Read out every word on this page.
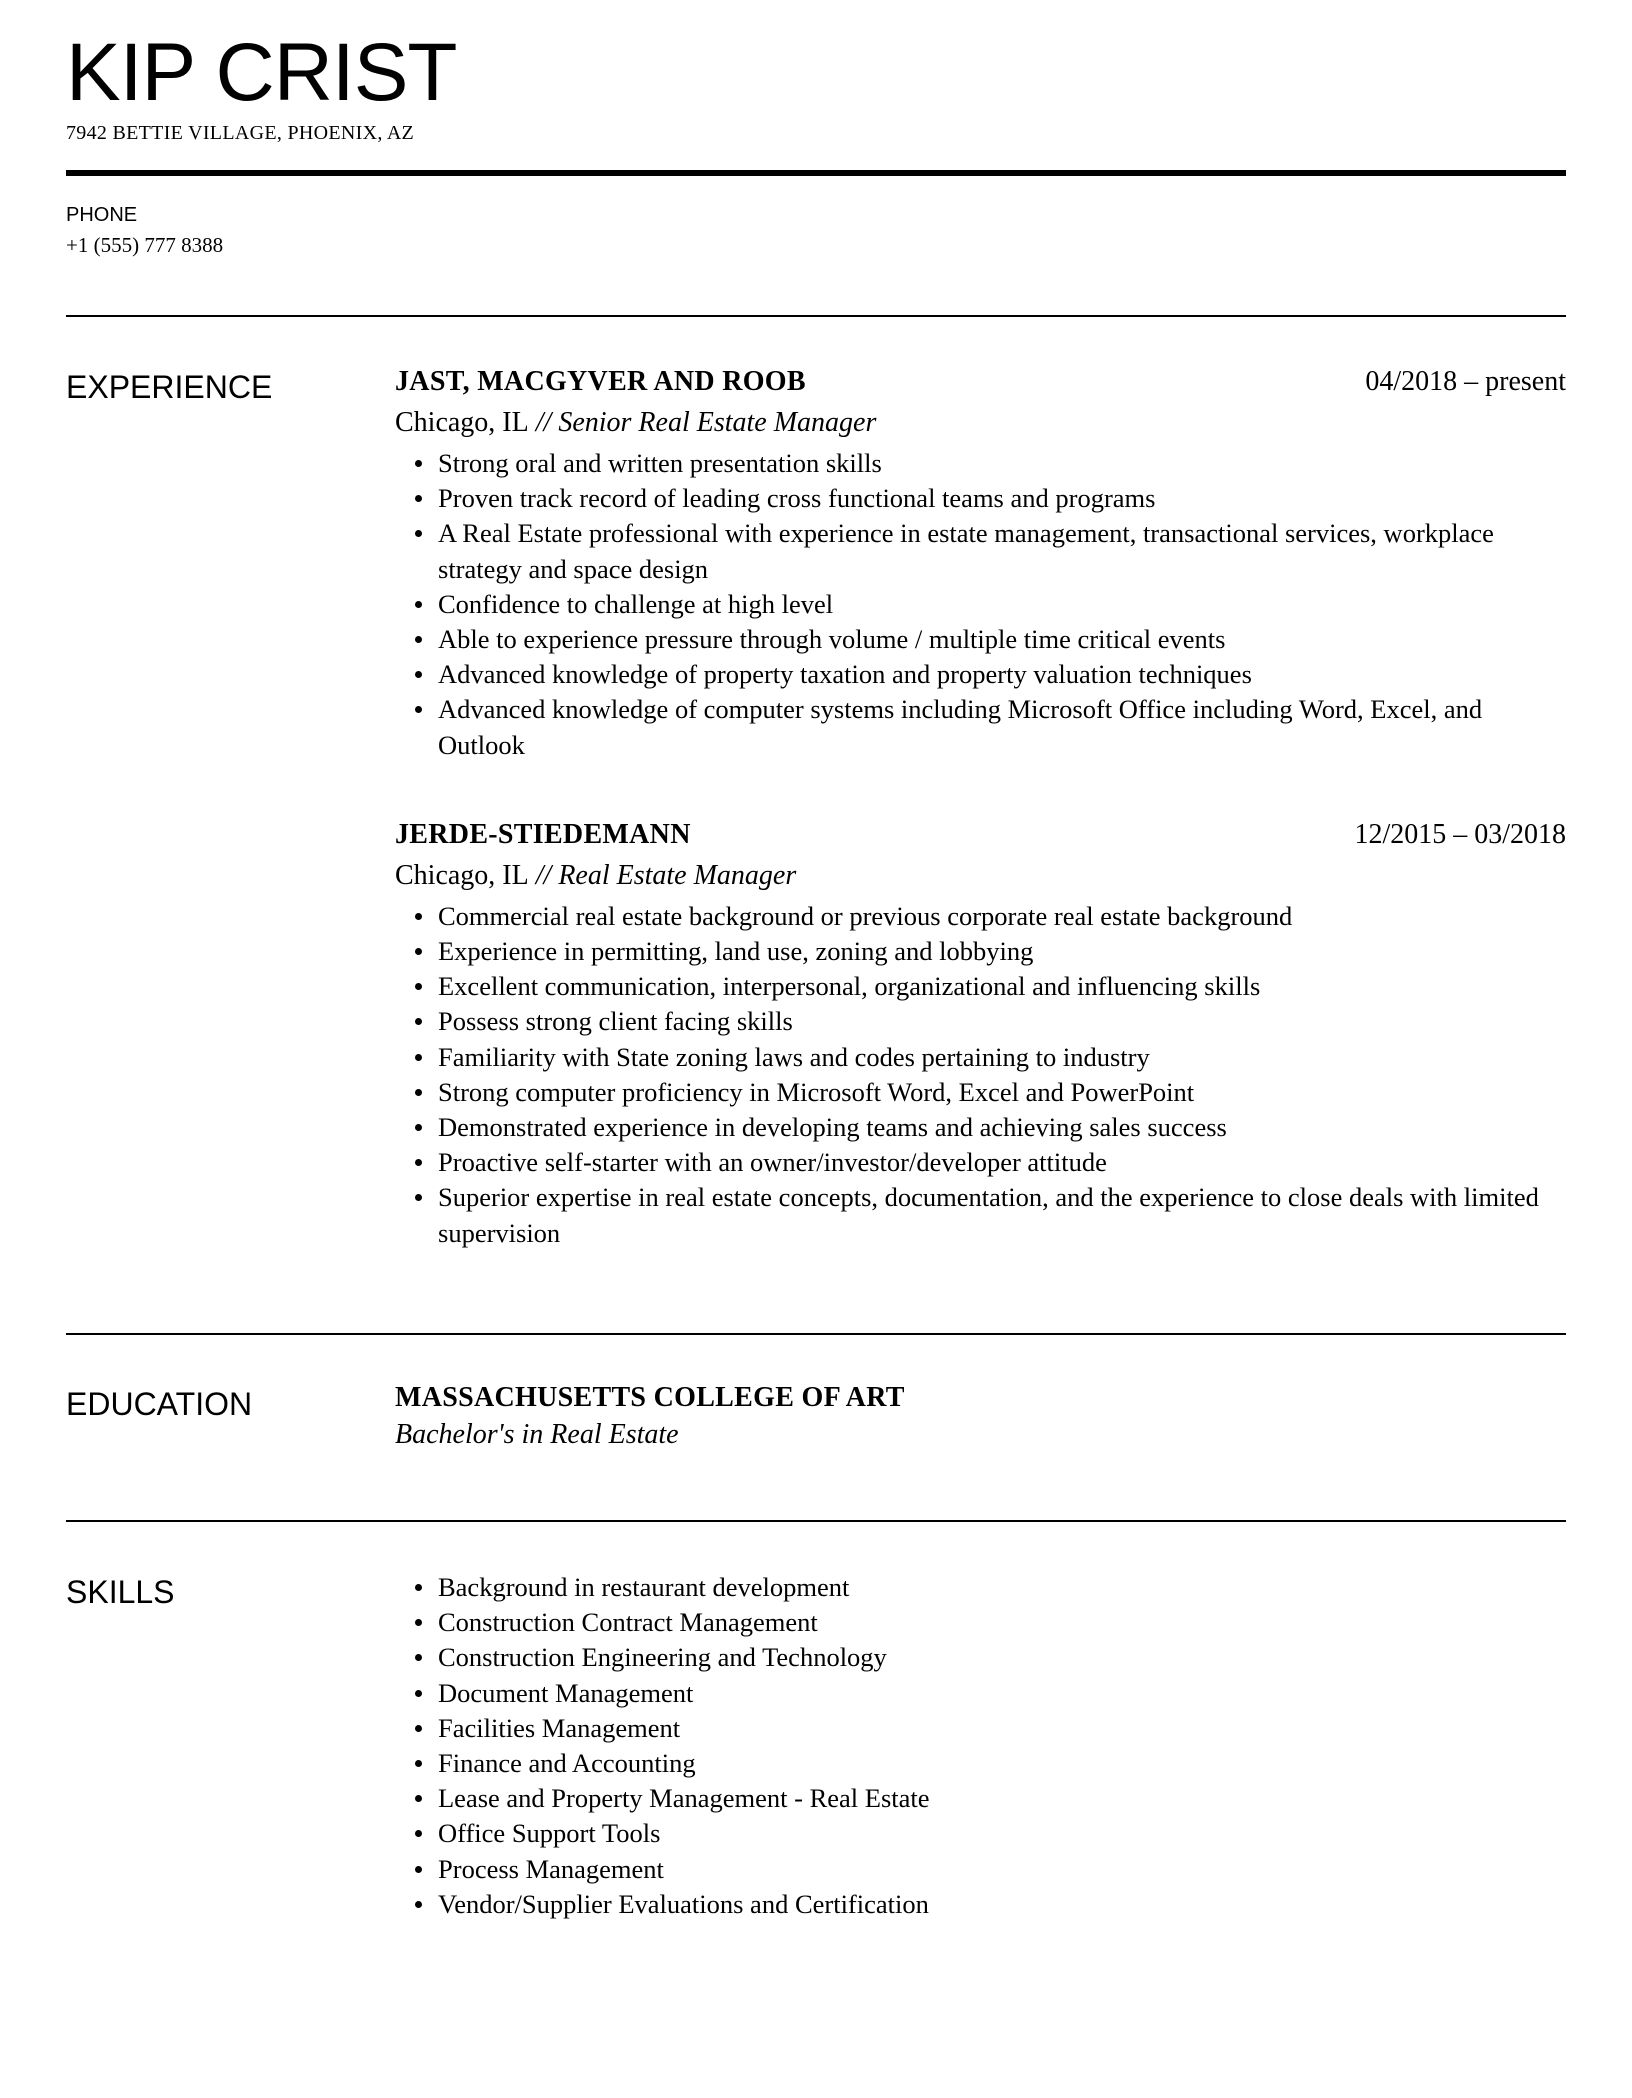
KIP CRIST
7942 BETTIE VILLAGE, PHOENIX, AZ
PHONE
+1 (555) 777 8388
EXPERIENCE	JAST, MACGYVER AND ROOB	04/2018 – present
Chicago, IL // Senior Real Estate Manager
Strong oral and written presentation skills
Proven track record of leading cross functional teams and programs
A Real Estate professional with experience in estate management, transactional services, workplace strategy and space design
Confidence to challenge at high level
Able to experience pressure through volume / multiple time critical events
Advanced knowledge of property taxation and property valuation techniques
Advanced knowledge of computer systems including Microsoft Office including Word, Excel, and Outlook
JERDE-STIEDEMANN	12/2015 – 03/2018
Chicago, IL // Real Estate Manager
Commercial real estate background or previous corporate real estate background
Experience in permitting, land use, zoning and lobbying
Excellent communication, interpersonal, organizational and influencing skills
Possess strong client facing skills
Familiarity with State zoning laws and codes pertaining to industry
Strong computer proficiency in Microsoft Word, Excel and PowerPoint
Demonstrated experience in developing teams and achieving sales success
Proactive self-starter with an owner/investor/developer attitude
Superior expertise in real estate concepts, documentation, and the experience to close deals with limited supervision
EDUCATION	MASSACHUSETTS COLLEGE OF ART
Bachelor's in Real Estate
SKILLS	Background in restaurant development
Construction Contract Management
Construction Engineering and Technology
Document Management
Facilities Management
Finance and Accounting
Lease and Property Management - Real Estate
Office Support Tools
Process Management
Vendor/Supplier Evaluations and Certification
